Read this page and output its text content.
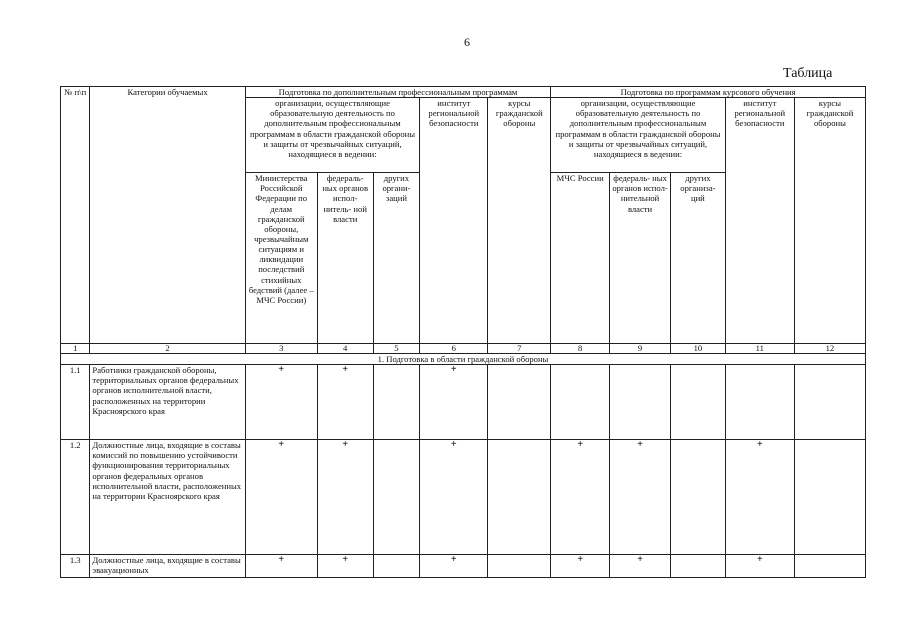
6
Таблица
№ п\п	Категории обучаемых	Подготовка по дополнительным профессиональным программам					Подготовка по программам курсового обучения				
		организации, осуществляющие образовательную деятельность по дополнительным профессиональным программам в области гражданской обороны и защиты от чрезвычайных ситуаций, находящиеся в ведении:			институт региональной безопасности	курсы гражданской обороны	организации, осуществляющие образовательную деятельность по дополнительным профессиональным программам в области гражданской обороны и защиты от чрезвычайных ситуаций, находящиеся в ведении:			институт региональной безопасности	курсы гражданской обороны
		Министерства Российской Федерации по делам гражданской обороны, чрезвычайным ситуациям и ликвидации последствий стихийных бедствий (далее – МЧС России)	федераль- ных органов испол- нитель- ной власти	других органи- заций			МЧС России	федераль- ных органов испол- нительной власти	других организа- ций		
1	2	3	4	5	6	7	8	9	10	11	12
1. Подготовка в области гражданской обороны											
1.1	Работники гражданской обороны, территориальных органов федеральных органов исполнительной власти, расположенных на территории Красноярского края	+	+		+						
1.2	Должностные лица, входящие в составы комиссий по повышению устойчивости функционирования территориальных органов федеральных органов исполнительной власти, расположенных на территории Красноярского края	+	+		+		+	+		+	
1.3	Должностные лица, входящие в составы эвакуационных	+	+		+		+	+		+	
